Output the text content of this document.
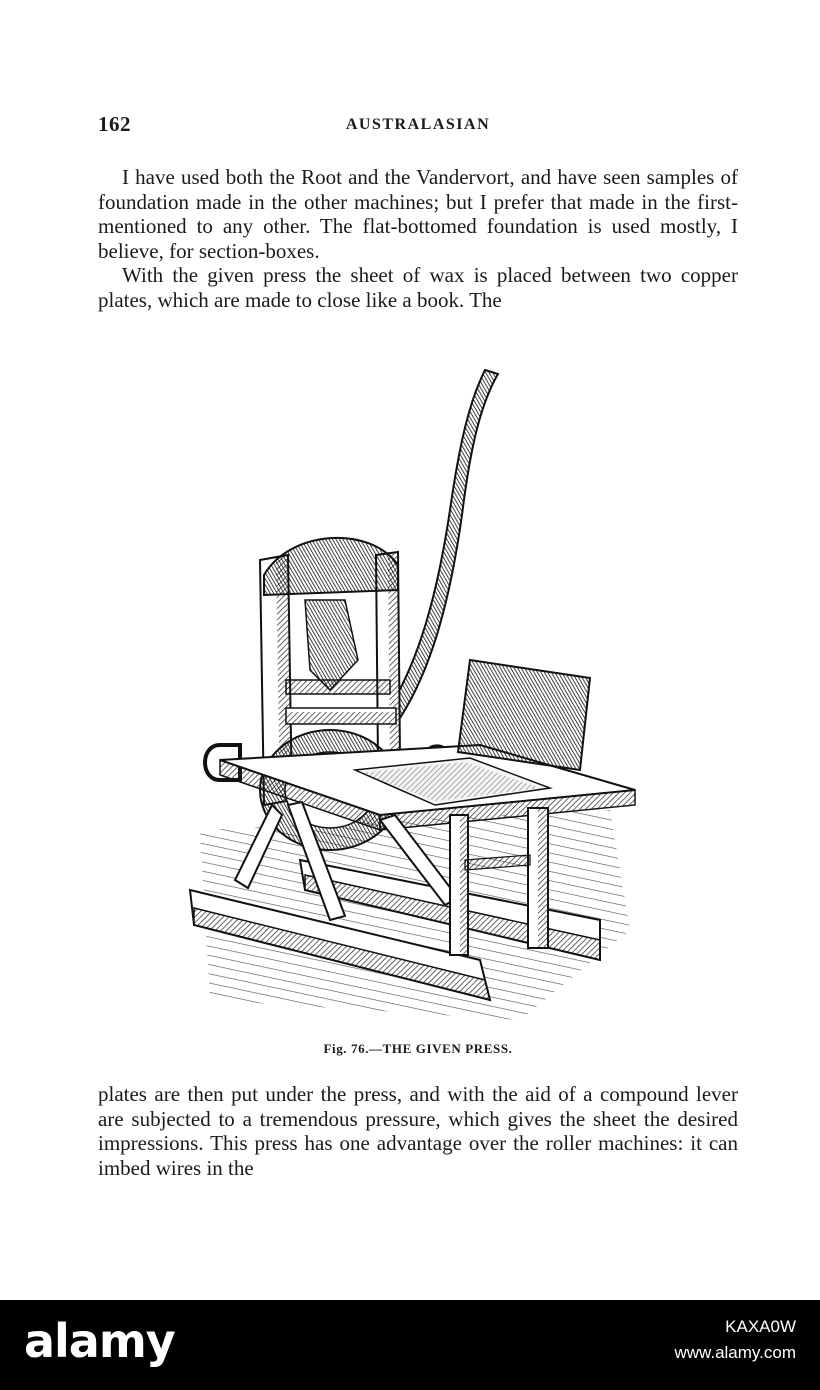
162	AUSTRALASIAN

I have used both the Root and the Vandervort, and have seen samples of foundation made in the other machines; but I prefer that made in the first-mentioned to any other. The flat-bottomed foundation is used mostly, I believe, for section-boxes.

With the given press the sheet of wax is placed between two copper plates, which are made to close like a book. The

Fig. 76.—THE GIVEN PRESS.

plates are then put under the press, and with the aid of a compound lever are subjected to a tremendous pressure, which gives the sheet the desired impressions. This press has one advantage over the roller machines: it can imbed wires in the

alamy	KAXA0W
www.alamy.com
